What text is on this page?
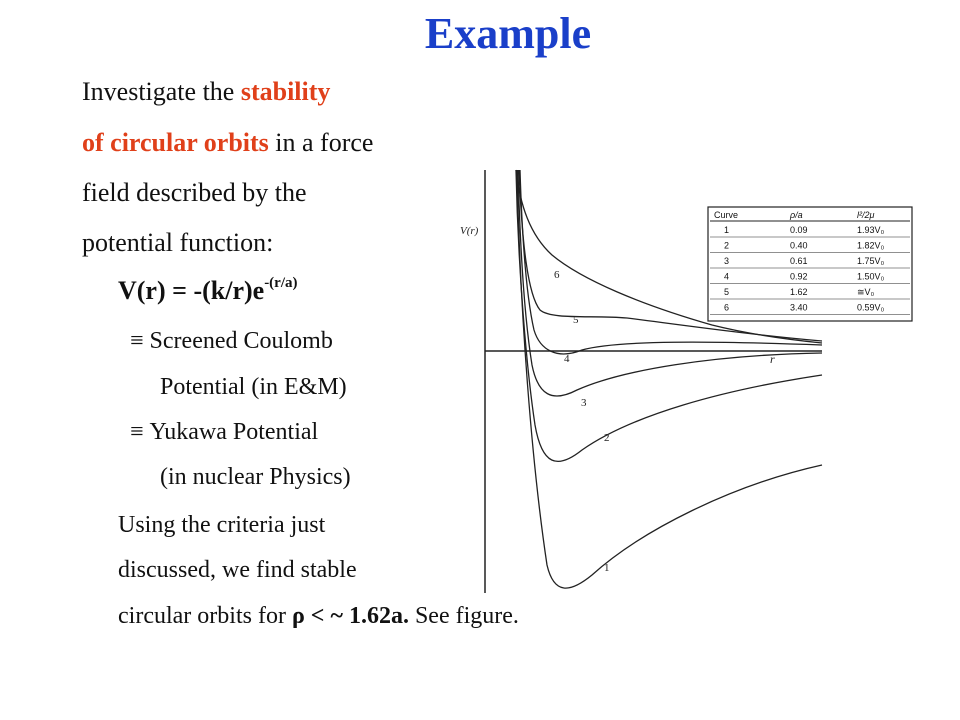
Example
Investigate the stability
of circular orbits in a force
field described by the
potential function:
$V(r) = -(k/r)e^{-(r/a)}$
≡ Screened Coulomb
Potential (in E&M)
≡ Yukawa Potential
(in nuclear Physics)
Using the criteria just
discussed, we find stable
circular orbits for ρ < ~ 1.62a. See figure.
V(r)
r
1
2
3
4
5
6
Curve	ρ/a	l²/2μ
1	0.09	1.93V₀
2	0.40	1.82V₀
3	0.61	1.75V₀
4	0.92	1.50V₀
5	1.62	≅V₀
6	3.40	0.59V₀
